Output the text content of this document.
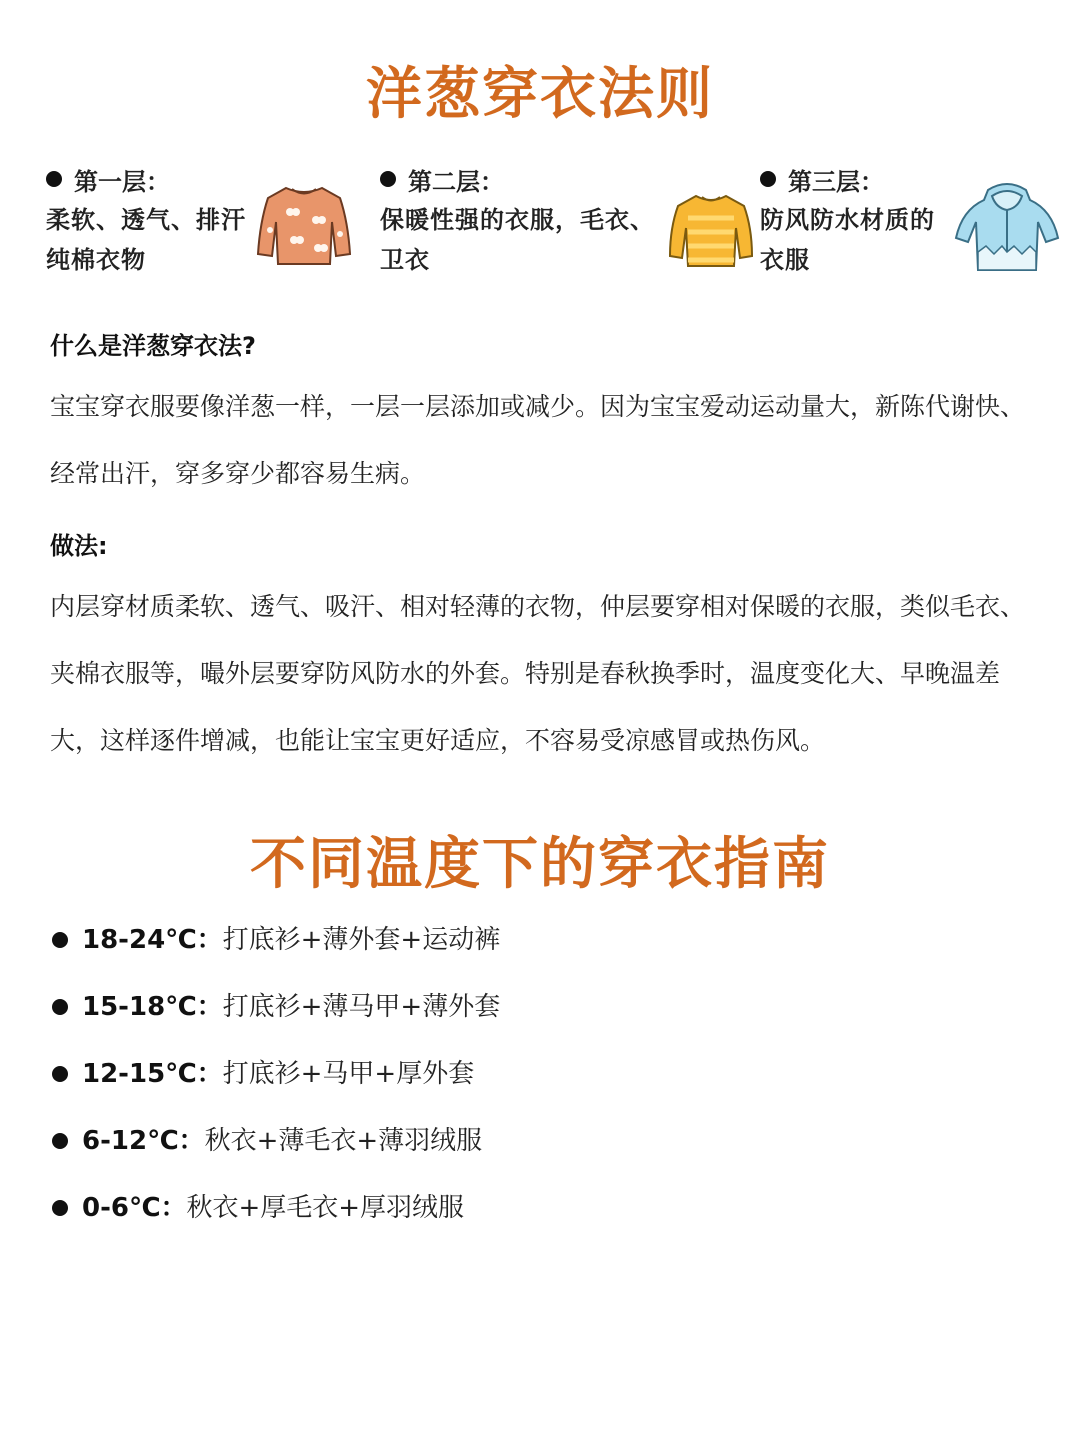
洋葱穿衣法则
第一层：
柔软、透气、排汗
纯棉衣物
第二层：
保暖性强的衣服，毛衣、
卫衣
第三层：
防风防水材质的
衣服
什么是洋葱穿衣法?
宝宝穿衣服要像洋葱一样，一层一层添加或减少。因为宝宝爱动运动量大，新陈代谢快、经常出汗，穿多穿少都容易生病。
做法:
内层穿材质柔软、透气、吸汗、相对轻薄的衣物，仲层要穿相对保暖的衣服，类似毛衣、夹棉衣服等，嘬外层要穿防风防水的外套。特别是春秋换季时，温度变化大、早晚温差大，这样逐件增减，也能让宝宝更好适应，不容易受凉感冒或热伤风。
不同温度下的穿衣指南
18-24℃： 打底衫+薄外套+运动裤
15-18℃： 打底衫+薄马甲+薄外套
12-15℃： 打底衫+马甲+厚外套
6-12℃： 秋衣+薄毛衣+薄羽绒服
0-6℃： 秋衣+厚毛衣+厚羽绒服
